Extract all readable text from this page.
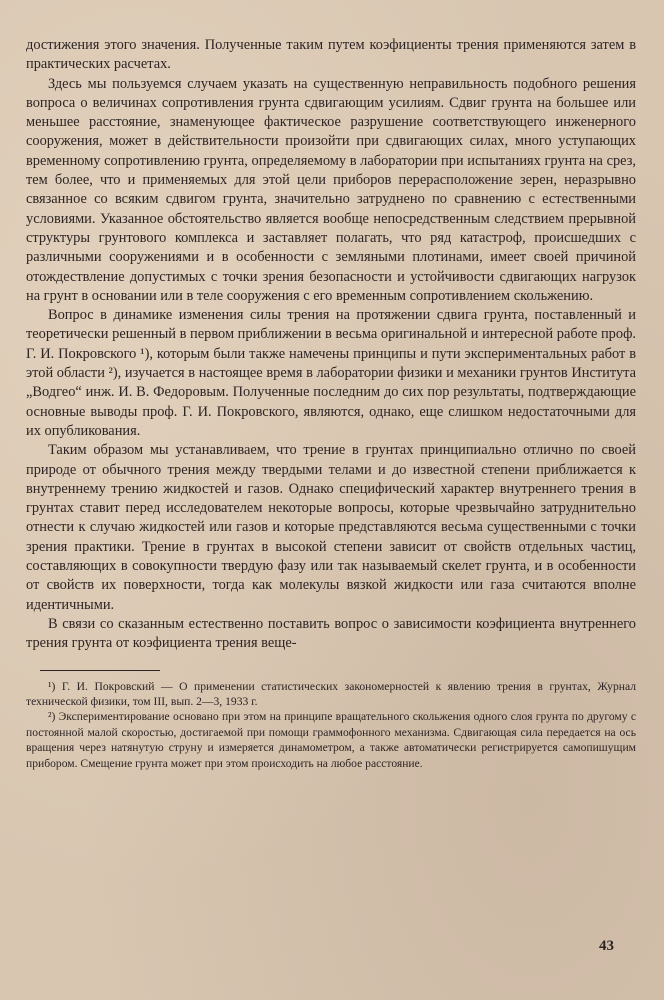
достижения этого значения. Полученные таким путем коэфициенты трения применяются затем в практических расчетах.

Здесь мы пользуемся случаем указать на существенную неправильность подобного решения вопроса о величинах сопротивления грунта сдвигающим усилиям. Сдвиг грунта на большее или меньшее расстояние, знаменующее фактическое разрушение соответствующего инженерного сооружения, может в действительности произойти при сдвигающих силах, много уступающих временному сопротивлению грунта, определяемому в лаборатории при испытаниях грунта на срез, тем более, что и применяемых для этой цели приборов перерасположение зерен, неразрывно связанное со всяким сдвигом грунта, значительно затруднено по сравнению с естественными условиями. Указанное обстоятельство является вообще непосредственным следствием прерывной структуры грунтового комплекса и заставляет полагать, что ряд катастроф, происшедших с различными сооружениями и в особенности с земляными плотинами, имеет своей причиной отождествление допустимых с точки зрения безопасности и устойчивости сдвигающих нагрузок на грунт в основании или в теле сооружения с его временным сопротивлением скольжению.

Вопрос в динамике изменения силы трения на протяжении сдвига грунта, поставленный и теоретически решенный в первом приближении в весьма оригинальной и интересной работе проф. Г. И. Покровского ¹), которым были также намечены принципы и пути экспериментальных работ в этой области ²), изучается в настоящее время в лаборатории физики и механики грунтов Института „Водгео“ инж. И. В. Федоровым. Полученные последним до сих пор результаты, подтверждающие основные выводы проф. Г. И. Покровского, являются, однако, еще слишком недостаточными для их опубликования.

Таким образом мы устанавливаем, что трение в грунтах принципиально отлично по своей природе от обычного трения между твердыми телами и до известной степени приближается к внутреннему трению жидкостей и газов. Однако специфический характер внутреннего трения в грунтах ставит перед исследователем некоторые вопросы, которые чрезвычайно затруднительно отнести к случаю жидкостей или газов и которые представляются весьма существенными с точки зрения практики. Трение в грунтах в высокой степени зависит от свойств отдельных частиц, составляющих в совокупности твердую фазу или так называемый скелет грунта, и в особенности от свойств их поверхности, тогда как молекулы вязкой жидкости или газа считаются вполне идентичными.

В связи со сказанным естественно поставить вопрос о зависимости коэфициента внутреннего трения грунта от коэфициента трения веще-

¹) Г. И. Покровский — О применении статистических закономерностей к явлению трения в грунтах, Журнал технической физики, том III, вып. 2—3, 1933 г.

²) Экспериментирование основано при этом на принципе вращательного скольжения одного слоя грунта по другому с постоянной малой скоростью, достигаемой при помощи граммофонного механизма. Сдвигающая сила передается на ось вращения через натянутую струну и измеряется динамометром, а также автоматически регистрируется самопишущим прибором. Смещение грунта может при этом происходить на любое расстояние.

43
